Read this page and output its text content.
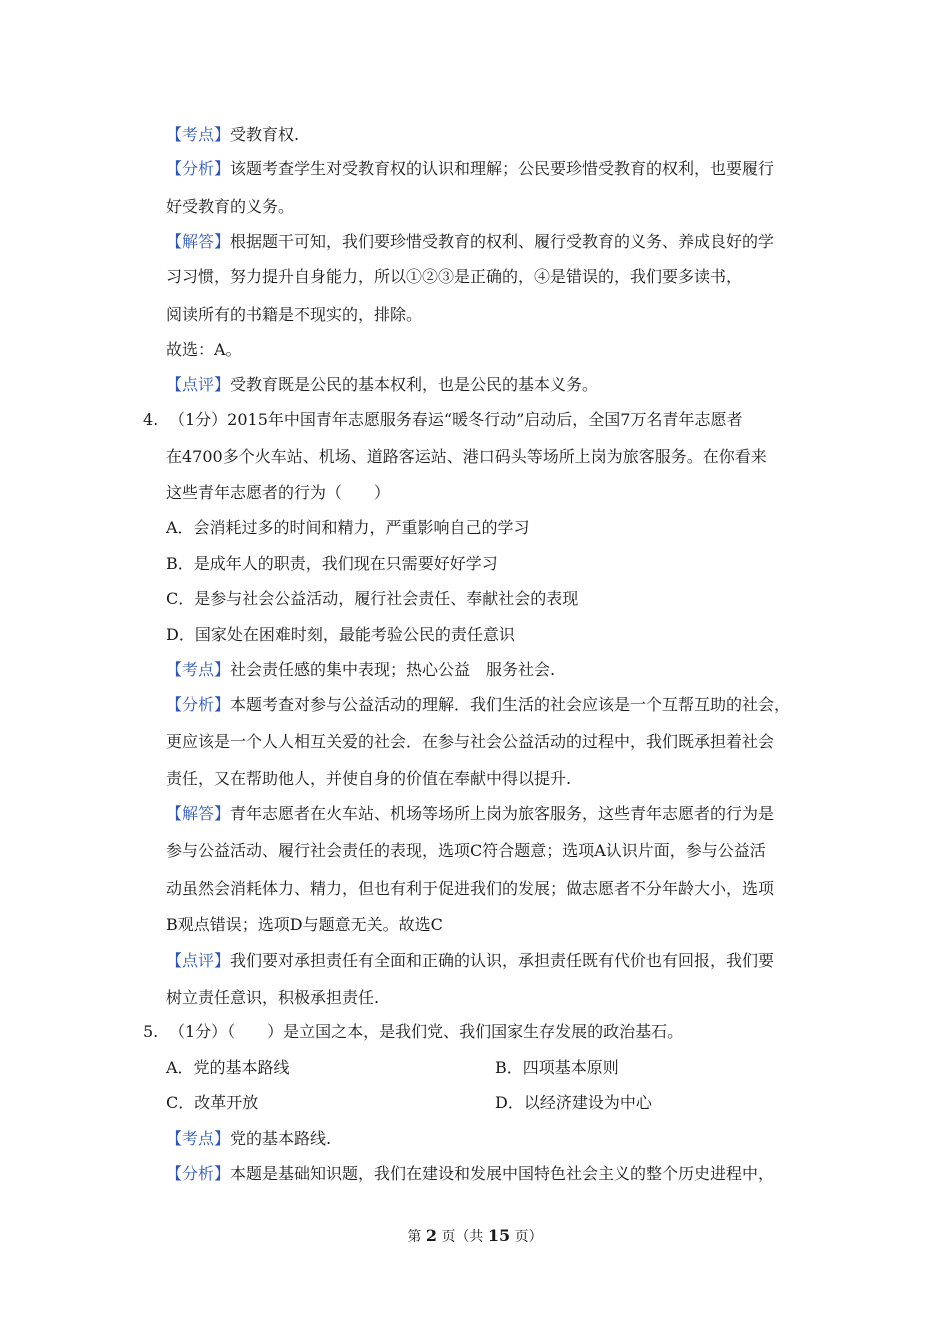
【考点】受教育权.
【分析】该题考查学生对受教育权的认识和理解；公民要珍惜受教育的权利，也要履行
好受教育的义务。
【解答】根据题干可知，我们要珍惜受教育的权利、履行受教育的义务、养成良好的学
习习惯，努力提升自身能力，所以①②③是正确的，④是错误的，我们要多读书，
阅读所有的书籍是不现实的，排除。
故选：A。
【点评】受教育既是公民的基本权利，也是公民的基本义务。
4. （1分）2015年中国青年志愿服务春运“暖冬行动”启动后，全国7万名青年志愿者
在4700多个火车站、机场、道路客运站、港口码头等场所上岗为旅客服务。在你看来
这些青年志愿者的行为（　　）
A．会消耗过多的时间和精力，严重影响自己的学习
B．是成年人的职责，我们现在只需要好好学习
C．是参与社会公益活动，履行社会责任、奉献社会的表现
D．国家处在困难时刻，最能考验公民的责任意识
【考点】社会责任感的集中表现；热心公益　服务社会.
【分析】本题考查对参与公益活动的理解．我们生活的社会应该是一个互帮互助的社会，
更应该是一个人人相互关爱的社会．在参与社会公益活动的过程中，我们既承担着社会
责任，又在帮助他人，并使自身的价值在奉献中得以提升.
【解答】青年志愿者在火车站、机场等场所上岗为旅客服务，这些青年志愿者的行为是
参与公益活动、履行社会责任的表现，选项C符合题意；选项A认识片面，参与公益活
动虽然会消耗体力、精力，但也有利于促进我们的发展；做志愿者不分年龄大小，选项
B观点错误；选项D与题意无关。故选C
【点评】我们要对承担责任有全面和正确的认识，承担责任既有代价也有回报，我们要
树立责任意识，积极承担责任.
5. （1分）（　　）是立国之本，是我们党、我们国家生存发展的政治基石。
A．党的基本路线	B．四项基本原则
C．改革开放	D．以经济建设为中心
【考点】党的基本路线.
【分析】本题是基础知识题，我们在建设和发展中国特色社会主义的整个历史进程中，
第 2 页（共 15 页）
